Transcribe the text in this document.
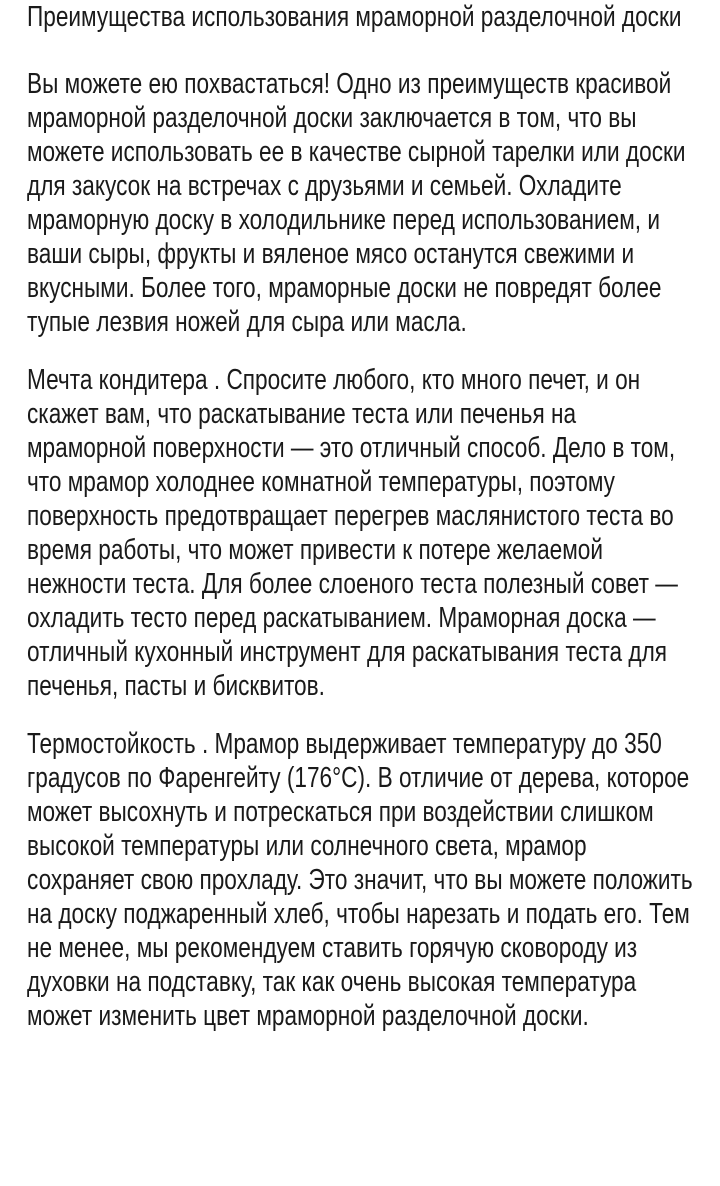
Преимущества использования мраморной разделочной доски

Вы можете ею похвастаться! Одно из преимуществ красивой мраморной разделочной доски заключается в том, что вы можете использовать ее в качестве сырной тарелки или доски для закусок на встречах с друзьями и семьей. Охладите мраморную доску в холодильнике перед использованием, и ваши сыры, фрукты и вяленое мясо останутся свежими и вкусными. Более того, мраморные доски не повредят более тупые лезвия ножей для сыра или масла.

Мечта кондитера . Спросите любого, кто много печет, и он скажет вам, что раскатывание теста или печенья на мраморной поверхности — это отличный способ. Дело в том, что мрамор холоднее комнатной температуры, поэтому поверхность предотвращает перегрев маслянистого теста во время работы, что может привести к потере желаемой нежности теста. Для более слоеного теста полезный совет — охладить тесто перед раскатыванием. Мраморная доска — отличный кухонный инструмент для раскатывания теста для печенья, пасты и бисквитов.

Термостойкость . Мрамор выдерживает температуру до 350 градусов по Фаренгейту (176°C). В отличие от дерева, которое может высохнуть и потрескаться при воздействии слишком высокой температуры или солнечного света, мрамор сохраняет свою прохладу. Это значит, что вы можете положить на доску поджаренный хлеб, чтобы нарезать и подать его. Тем не менее, мы рекомендуем ставить горячую сковороду из духовки на подставку, так как очень высокая температура может изменить цвет мраморной разделочной доски.
